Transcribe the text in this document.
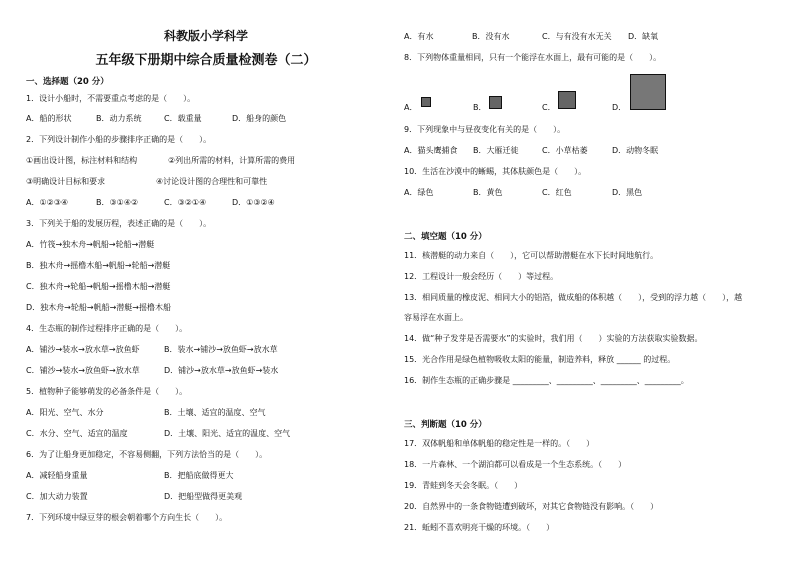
科教版小学科学
五年级下册期中综合质量检测卷（二）
一、选择题（20 分）
1．设计小船时，不需要重点考虑的是（　　）。
A．船的形状	B．动力系统	C．载重量	D．船身的颜色
2．下列设计制作小船的步骤排序正确的是（　　）。
①画出设计图，标注材料和结构	②列出所需的材料，计算所需的费用
③明确设计目标和要求	④讨论设计图的合理性和可靠性
A．①②③④	B．③①④②	C．③②①④	D．①③②④
3．下列关于船的发展历程，表述正确的是（　　）。
A．竹筏→独木舟→帆船→轮船→潜艇
B．独木舟→摇橹木船→帆船→轮船→潜艇
C．独木舟→轮船→帆船→摇橹木船→潜艇
D．独木舟→轮船→帆船→潜艇→摇橹木船
4．生态瓶的制作过程排序正确的是（　　）。
A．铺沙→装水→放水草→放鱼虾	B．装水→铺沙→放鱼虾→放水草
C．铺沙→装水→放鱼虾→放水草	D．铺沙→放水草→放鱼虾→装水
5．植物种子能够萌发的必备条件是（　　）。
A．阳光、空气、水分	B．土壤、适宜的温度、空气
C．水分、空气、适宜的温度	D．土壤、阳光、适宜的温度、空气
6．为了让船身更加稳定，不容易侧翻，下列方法恰当的是（　　）。
A．减轻船身重量	B．把船底做得更大
C．加大动力装置	D．把船型做得更美观
7．下列环境中绿豆芽的根会朝着哪个方向生长（　　）。
A．有水	B．没有水	C．与有没有水无关 D．缺氧
8．下列物体重量相同，只有一个能浮在水面上，最有可能的是（　　）。
A．	B．	C．	D．
9．下列现象中与昼夜变化有关的是（　　）。
A．猫头鹰捕食 B．大雁迁徙	C．小草枯萎	D．动物冬眠
10．生活在沙漠中的蜥蜴，其体肤颜色是（　　）。
A．绿色	B．黄色	C．红色	D．黑色
二、填空题（10 分）
11．核潜艇的动力来自（　　），它可以帮助潜艇在水下长时间地航行。
12．工程设计一般会经历（　　）等过程。
13．相同质量的橡皮泥、相同大小的铝箔，做成船的体积越（　　），受到的浮力越（　　），越
容易浮在水面上。
14．做“种子发芽是否需要水”的实验时，我们用（　　）实验的方法获取实验数据。
15．光合作用是绿色植物吸收太阳的能量，制造养料，释放 ______ 的过程。
16．制作生态瓶的正确步骤是 _________、_________、_________、_________。
三、判断题（10 分）
17．双体帆船和单体帆船的稳定性是一样的。（　　）
18．一片森林、一个湖泊都可以看成是一个生态系统。（　　）
19．青蛙到冬天会冬眠。（　　）
20．自然界中的一条食物链遭到破坏，对其它食物链没有影响。（　　）
21．蚯蚓不喜欢明亮干燥的环境。（　　）
